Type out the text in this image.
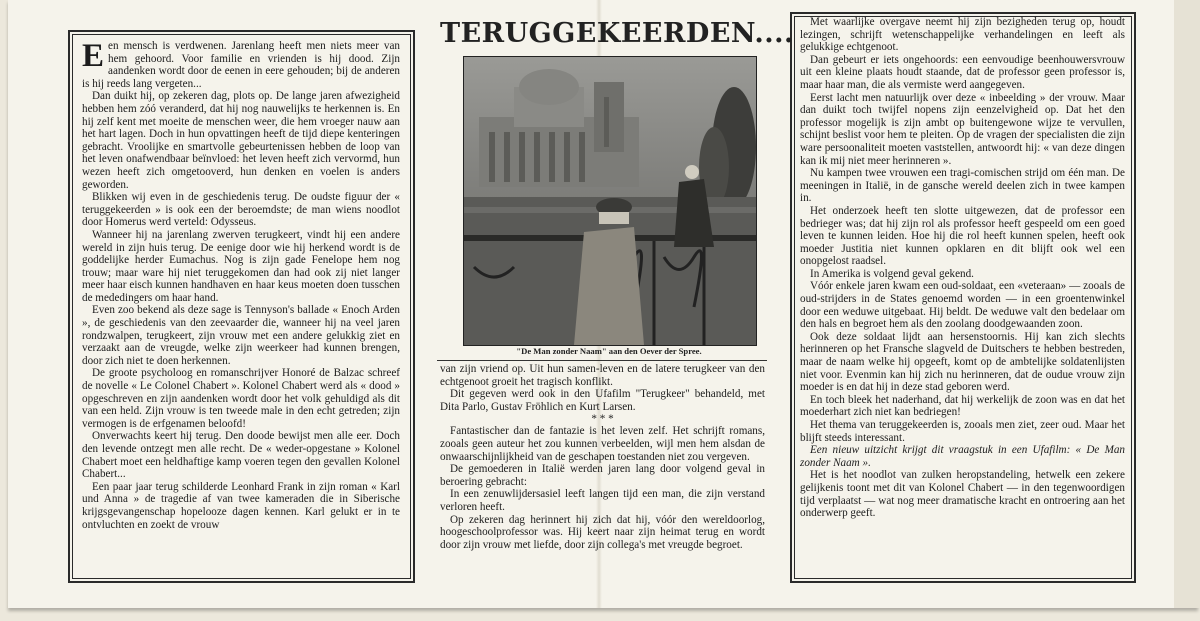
Een mensch is verdwenen. Jarenlang heeft men niets meer van hem gehoord. Voor familie en vrienden is hij dood. Zijn aandenken wordt door de eenen in eere gehouden; bij de anderen is hij reeds lang vergeten...

Dan duikt hij, op zekeren dag, plots op. De lange jaren afwezigheid hebben hem zóó veranderd, dat hij nog nauwelijks te herkennen is. En hij zelf kent met moeite de menschen weer, die hem vroeger nauw aan het hart lagen. Doch in hun opvattingen heeft de tijd diepe kenteringen gebracht. Vroolijke en smartvolle gebeurtenissen hebben de loop van het leven onafwendbaar beïnvloed: het leven heeft zich vervormd, hun wezen heeft zich omgetooverd, hun denken en voelen is anders geworden.

Blikken wij even in de geschiedenis terug. De oudste figuur der « teruggekeerden » is ook een der beroemdste; de man wiens noodlot door Homerus werd verteld: Odysseus.

Wanneer hij na jarenlang zwerven terugkeert, vindt hij een andere wereld in zijn huis terug. De eenige door wie hij herkend wordt is de goddelijke herder Eumachus. Nog is zijn gade Fenelope hem nog trouw; maar ware hij niet teruggekomen dan had ook zij niet langer meer haar eisch kunnen handhaven en haar keus moeten doen tusschen de mededingers om haar hand.

Even zoo bekend als deze sage is Tennyson's ballade « Enoch Arden », de geschiedenis van den zeevaarder die, wanneer hij na veel jaren rondzwalpen, terugkeert, zijn vrouw met een andere gelukkig ziet en verzaakt aan de vreugde, welke zijn weerkeer had kunnen brengen, door zich niet te doen herkennen.

De groote psycholoog en romanschrijver Honoré de Balzac schreef de novelle « Le Colonel Chabert ». Kolonel Chabert werd als « dood » opgeschreven en zijn aandenken wordt door het volk gehuldigd als dit van een held. Zijn vrouw is ten tweede male in den echt getreden; zijn vermogen is de erfgenamen beloofd!

Onverwachts keert hij terug. Den doode bewijst men alle eer. Doch den levende ontzegt men alle recht. De « weder-opgestane » Kolonel Chabert moet een heldhaftige kamp voeren tegen den gevallen Kolonel Chabert...

Een paar jaar terug schilderde Leonhard Frank in zijn roman « Karl und Anna » de tragedie af van twee kameraden die in Siberische krijgsgevangenschap hopelooze dagen kennen. Karl gelukt er in te ontvluchten en zoekt de vrouw

TERUGGEKEERDEN....
"De Man zonder Naam" aan den Oever der Spree.

van zijn vriend op. Uit hun samen-leven en de latere terugkeer van den echtgenoot groeit het tragisch konflikt.

Dit gegeven werd ook in den Ufafilm "Terugkeer" behandeld, met Dita Parlo, Gustav Fröhlich en Kurt Larsen.

* * *

Fantastischer dan de fantazie is het leven zelf. Het schrijft romans, zooals geen auteur het zou kunnen verbeelden, wijl men hem alsdan de onwaarschijnlijkheid van de geschapen toestanden niet zou vergeven.

De gemoederen in Italië werden jaren lang door volgend geval in beroering gebracht:

In een zenuwlijdersasiel leeft langen tijd een man, die zijn verstand verloren heeft.

Op zekeren dag herinnert hij zich dat hij, vóór den wereldoorlog, hoogeschoolprofessor was. Hij keert naar zijn heimat terug en wordt door zijn vrouw met liefde, door zijn collega's met vreugde begroet.

Met waarlijke overgave neemt hij zijn bezigheden terug op, houdt lezingen, schrijft wetenschappelijke verhandelingen en leeft als gelukkige echtgenoot.

Dan gebeurt er iets ongehoords: een eenvoudige beenhouwersvrouw uit een kleine plaats houdt staande, dat de professor geen professor is, maar haar man, die als vermiste werd aangegeven.

Eerst lacht men natuurlijk over deze « inbeelding » der vrouw. Maar dan duikt toch twijfel nopens zijn eenzelvigheid op. Dat het den professor mogelijk is zijn ambt op buitengewone wijze te vervullen, schijnt beslist voor hem te pleiten. Op de vragen der specialisten die zijn ware persoonaliteit moeten vaststellen, antwoordt hij: « van deze dingen kan ik mij niet meer herinneren ».

Nu kampen twee vrouwen een tragi-comischen strijd om één man. De meeningen in Italië, in de gansche wereld deelen zich in twee kampen in.

Het onderzoek heeft ten slotte uitgewezen, dat de professor een bedrieger was; dat hij zijn rol als professor heeft gespeeld om een goed leven te kunnen leiden. Hoe hij die rol heeft kunnen spelen, heeft ook moeder Justitia niet kunnen opklaren en dit blijft ook wel een onopgelost raadsel.

In Amerika is volgend geval gekend.

Vóór enkele jaren kwam een oud-soldaat, een «veteraan» — zooals de oud-strijders in de States genoemd worden — in een groentenwinkel door een weduwe uitgebaat. Hij beldt. De weduwe valt den bedelaar om den hals en begroet hem als den zoolang doodgewaanden zoon.

Ook deze soldaat lijdt aan hersenstoornis. Hij kan zich slechts herinneren op het Fransche slagveld de Duitschers te hebben bestreden, maar de naam welke hij opgeeft, komt op de ambtelijke soldatenlijsten niet voor. Evenmin kan hij zich nu herinneren, dat de oudue vrouw zijn moeder is en dat hij in deze stad geboren werd.

En toch bleek het naderhand, dat hij werkelijk de zoon was en dat het moederhart zich niet kan bedriegen!

Het thema van teruggekeerden is, zooals men ziet, zeer oud. Maar het blijft steeds interessant.

Een nieuw uitzicht krijgt dit vraagstuk in een Ufafilm: « De Man zonder Naam ».

Het is het noodlot van zulken heropstandeling, hetwelk een zekere gelijkenis toont met dit van Kolonel Chabert — in den tegenwoordigen tijd verplaatst — wat nog meer dramatische kracht en ontroering aan het onderwerp geeft.
